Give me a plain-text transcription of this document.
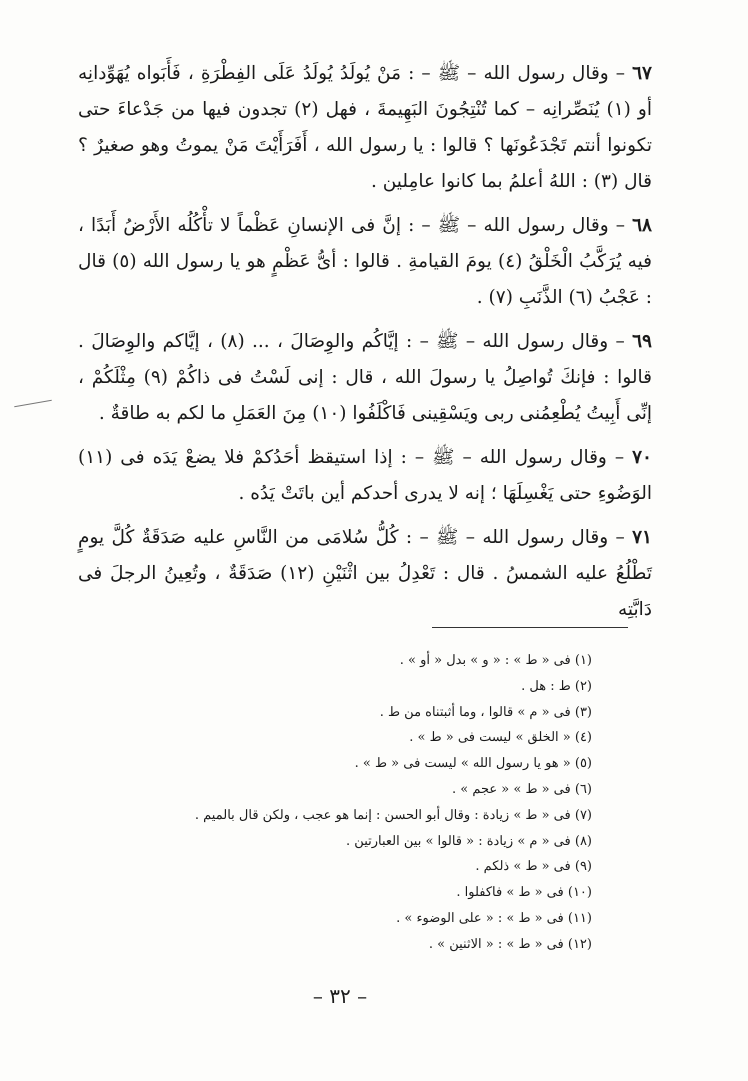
٦٧ – وقال رسول الله – ﷺ – : مَنْ يُولَدُ يُولَدُ عَلَى الفِطْرَةِ ، فَأَبَواه يُهَوِّدانِه أو (١) يُنَصِّرانِه – كما تُنْتِجُونَ البَهِيمةَ ، فهل (٢) تجدون فيها من جَدْعاءَ حتى تكونوا أنتم تَجْدَعُونَها ؟ قالوا : يا رسول الله ، أَفَرَأَيْتَ مَنْ يموتُ وهو صغيرٌ ؟ قال (٣) : اللهُ أعلمُ بما كانوا عامِلين .

٦٨ – وقال رسول الله – ﷺ – : إنَّ فى الإنسانِ عَظْماً لا تأْكُلُه الأَرْضُ أَبَدًا ، فيه يُرَكَّبُ الْخَلْقُ (٤) يومَ القيامةِ . قالوا : أىُّ عَظْمٍ هو يا رسول الله (٥) قال : عَجْبُ (٦) الذَّنَبِ (٧) .

٦٩ – وقال رسول الله – ﷺ – : إيَّاكُم والوِصَالَ ، ... (٨) ، إيَّاكم والوِصَالَ . قالوا : فإنكَ تُواصِلُ يا رسولَ الله ، قال : إنى لَسْتُ فى ذاكُمْ (٩) مِثْلَكُمْ ، إنِّى أَبِيتُ يُطْعِمُنى ربى ويَسْقِينى فَاكْلَفُوا (١٠) مِنَ العَمَلِ ما لكم به طاقةٌ .

٧٠ – وقال رسول الله – ﷺ – : إذا استيقظ أحَدُكمْ فلا يضعْ يَدَه فى (١١) الوَضُوءِ حتى يَغْسِلَهَا ؛ إنه لا يدرى أحدكم أين باتَتْ يَدُه .

٧١ – وقال رسول الله – ﷺ – : كُلُّ سُلامَى من النَّاسِ عليه صَدَقَةٌ كُلَّ يومٍ تَطْلُعُ عليه الشمسُ . قال : تَعْدِلُ بين اثْنَيْنِ (١٢) صَدَقَةٌ ، وتُعِينُ الرجلَ فى دَابَّتِه

(١) فى « ط » : « و » بدل « أو » .
(٢) ط : هل .
(٣) فى « م » قالوا ، وما أثبتناه من ط .
(٤) « الخلق » ليست فى « ط » .
(٥) « هو يا رسول الله » ليست فى « ط » .
(٦) فى « ط » « عجم » .
(٧) فى « ط » زيادة : وقال أبو الحسن : إنما هو عجب ، ولكن قال بالميم .
(٨) فى « م » زيادة : « قالوا » بين العبارتين .
(٩) فى « ط » ذلكم .
(١٠) فى « ط » فاكفلوا .
(١١) فى « ط » : « على الوضوء » .
(١٢) فى « ط » : « الاثنين » .
– ٣٢ –
